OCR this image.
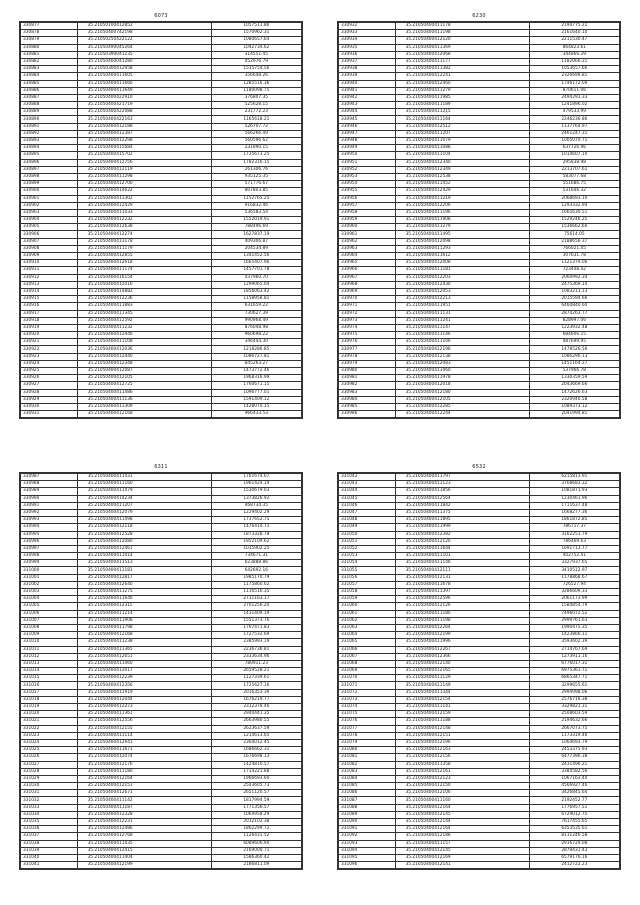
6073
330877	35.21050100412852	1057511.86
330878	35.21050400742198	1570962.31
330879	35.21050250422122	1080657.64
330880	35.21050490045264	1042734.62
330881	35.21050390041235	314551.45
330882	35.21050400041280	452976.79
330883	35.21050300412958	1535754.56
330884	35.21050400411605	356648.26
330885	35.21050400411666	1285516.36
330886	35.21050400411649	1180098.75
330887	35.21050400422910	376807.35
330888	35.21050400421719	525628.15
330889	35.21050400422088	231772.23
330890	35.21050400422163	1165618.21
330891	35.21050400412188	526707.72
330892	35.21050400412387	566266.49
330893	35.21050400412298	560596.62
330894	35.21050400415684	231890.15
330895	35.21050400415702	1735673.25
330896	35.21050400412756	1782316.15
330897	35.21050400412119	261306.76
330898	35.21050400411298	935125.35
330899	35.21050400412700	571776.67
330900	35.21050400414622	807803.85
330901	35.21050400411302	1152765.25
330902	35.21050400412429	916832.46
330903	35.21050400411033	536583.54
330904	35.21050400412232	1552019.91
330905	35.21050400412638	788496.69
330906	35.21050400412274	1627837.19
330907	35.21050400413178	409306.87
330908	35.21050400411179	204534.89
330909	35.21050400412855	1341452.56
330910	35.21050400412618	1665407.96
330911	35.21050400411174	1457701.78
330912	35.21050400416154	437960.70
330913	35.21050400412016	1299065.04
330914	35.21050400414882	1856063.42
330915	35.21050400412236	1158958.81
330916	35.21050400411883	631659.22
330917	35.21050400411345	730627.39
330918	35.21050400412592	990968.49
330919	35.21050400411232	876048.98
330920	35.21050400412446	960698.22
330921	35.21050400411108	346444.30
330922	35.21050400412036	1218286.85
330923	35.21050400412440	1086727.81
330924	35.21050400412348	845263.27
330925	35.21050400412087	1473772.46
330926	35.21050400412105	1968316.99
330927	35.21050400412725	1760671.15
330928	35.21050400411486	1096777.01
330929	35.21050400411136	1591409.12
330930	35.21050400411309	1428070.15
330931	35.21050400412168	966433.53
6230
330932	35.21050400411178	2194775.21
330933	35.21050400411198	2161640.10
330934	35.21050400412120	2211530.47
330935	35.21050400411369	864823.61
330936	35.21050400412068	344866.29
330937	35.21050400411177	1182066.21
330938	35.21050400411382	1053657.66
330939	35.21050400412241	2326699.81
330940	35.21050400412460	1746172.09
330941	35.21050400411279	870611.06
330942	35.21050400411985	2494291.33
330943	35.21050400411189	1241896.02
330944	35.21050400411215	479533.99
330945	35.21050400411164	2246236.86
330946	35.21050400412512	1137764.97
330947	35.21050400411207	2461247.31
330948	35.21050400411079	1005070.71
330949	35.21050400411088	637726.96
330950	35.21050400411104	1014607.10
330951	35.21050400412340	295838.98
330952	35.21050400412349	2213707.61
330953	35.21050400412538	583077.68
330954	35.21050400411452	551686.75
330955	35.21050400412429	531646.32
330956	35.21050400411219	2068693.10
330957	35.21050400412206	1293332.94
330958	35.21050400411196	1665630.51
330959	35.21050400411908	1529246.25
330960	35.21050400411279	1536662.60
330961	35.21050400411495	75614.05
330962	35.21050400412098	2188656.37
330963	35.21050400411293	766021.45
330964	35.21050400411612	307631.78
330965	35.21050400412008	1121379.06
330966	35.21050400411181	723448.42
330967	35.21050400412203	2060992.34
330968	35.21050400412430	2475369.14
330969	35.21050400412053	1083211.13
330970	35.21050400412213	2015594.66
330971	35.21050400411951	6460840.60
330972	35.21050400411131	2874263.77
330973	35.21050400411241	828997.06
330974	35.21050400411147	1223932.48
330975	35.21050400411146	684606.15
330976	35.21050400411166	487699.95
330977	35.21050400412196	1478526.56
330978	35.21050400412138	1086296.13
330979	35.21050400412083	1451164.27
330980	35.21050400411460	537966.78
330981	35.21050400411978	1330359.59
330982	35.21050400412018	2043669.66
330983	35.21050400412180	1472626.63
330984	35.21050400412105	2320940.58
330985	35.21050400412285	1089373.12
330986	35.21050400412244	2041994.81
6311
330987	35.21050400411431	1761674.67
330988	35.21050400411160	1961424.19
330989	35.21050400411479	1530679.03
330990	35.21050400414234	1373826.92
330991	35.21050400411207	468734.35
330992	35.21050400412079	1229402.29
330993	35.21050400411498	1737652.75
330994	35.21050400412118	1476414.71
330995	35.21050400412528	1873328.78
330996	35.21050400412080	1952109.62
330997	35.21050400412461	1035902.25
330998	35.21050400411014	734671.31
330999	35.21050400411513	623888.86
331000	35.21050400411181	642692.16
331001	35.21050400412817	1985170.79
331002	35.21050400412640	1175860.62
331003	35.21050400411275	1116516.35
331004	35.21050400411646	2711163.17
331005	35.21050400412315	2701256.24
331006	35.21050400411214	1431409.19
331007	35.21050400411908	1551373.76
331008	35.21050400411798	1767471.83
331009	35.21050400412168	1727532.69
331010	35.21050400411238	2385993.19
331011	35.21050400411365	2236736.81
331012	35.21050400412651	2333634.96
331013	35.21050400411460	780911.23
331014	35.21050400412017	2659528.21
331015	35.21050400412239	1127339.61
331016	35.21050400412356	1725627.16
331017	35.21050400411919	2016353.39
331018	35.21050400412044	1676219.77
331019	35.21050400412273	2312378.46
331020	35.21050400411361	2940441.35
331021	35.21050400412556	2663980.55
331022	35.21050400412155	2623637.59
331023	35.21050400411114	1214613.65
331024	35.21050400412641	2364012.45
331025	35.21050400411671	1686662.31
331026	35.21050400412074	1676698.13
331027	35.21050400412176	1424810.57
331028	35.21050400411180	1714221.88
331029	35.21050400412164	1966693.60
331030	35.21050400412151	2543605.73
331031	35.21050400412671	2651120.57
331032	35.21050400411142	1817994.59
331033	35.21050400411187	1771356.57
331034	35.21050400412328	1064958.29
331035	35.21050400412231	2012102.38
331036	35.21050400412486	1862299.72
331037	35.21050400412768	1126431.52
331038	35.21050400411435	6089606.94
331039	35.21050400412415	2169000.71
331040	35.21050400411404	1586360.42
331041	35.21050400412199	2186811.09
6532
331042	35.21050400411797	6215813.91
331043	35.21050400411123	3768683.32
331044	35.21050400411856	1081871.93
331045	35.21050400412564	1230461.96
331046	35.21050400411842	1711637.48
331047	35.21050400411375	1668277.36
331048	35.21050400411895	1861872.85
331049	35.21050400411999	786717.37
331050	35.21050400412382	3162251.79
331051	35.21050400412120	786469.63
331052	35.21050400411644	1691713.77
331053	35.21050400411101	402752.41
331054	35.21050400411146	3327937.65
331055	35.21050400412111	3410512.97
331056	35.21050400412131	1178868.67
331057	35.21050400411678	726527.94
331058	35.21050400411397	3286609.33
331059	35.21050400412596	2061173.99
331060	35.21050400412126	1584854.79
331061	35.21050400411180	7496072.52
331062	35.21050400411198	2999761.63
331063	35.21050400412264	1990475.35
331064	35.21050400412199	1423866.11
331065	35.21050400411996	3593602.39
331066	35.21050400412267	2714767.69
331067	35.21050400412366	1273911.16
331068	35.21050400412140	6776017.31
331069	35.21050400412165	6975361.71
331070	35.21050400411129	6865347.71
331071	35.21050400411149	3299655.61
331072	35.21050400411344	2994998.06
331073	35.21050400412154	2576716.38
331074	35.21050400411141	3329821.31
331075	35.21050400412159	2508603.59
331076	35.21050400411188	2194632.66
331077	35.21050400412148	2667073.75
331078	35.21050400412151	1173319.46
331079	35.21050400412196	1064693.79
331080	35.21050400412163	2453375.93
331081	35.21050400412156	6477396.38
331082	35.21050400411358	2431496.21
331083	35.21050400412161	3384582.56
331084	35.21050400412123	1067163.40
331085	35.21050400412150	4566927.46
331086	35.21050400412106	3426845.64
331087	35.21050400411160	2192452.77
331088	35.21050400412164	1776957.51
331089	35.21050400412145	6729012.75
331090	35.21050400412144	7617455.65
331091	35.21050400412164	6353535.61
331092	35.21050400412188	8111246.58
331093	35.21050400411157	2916729.08
331094	35.21050400412145	2879431.43
331095	35.21050400412169	6579176.16
331096	35.21050400412141	2412722.23
